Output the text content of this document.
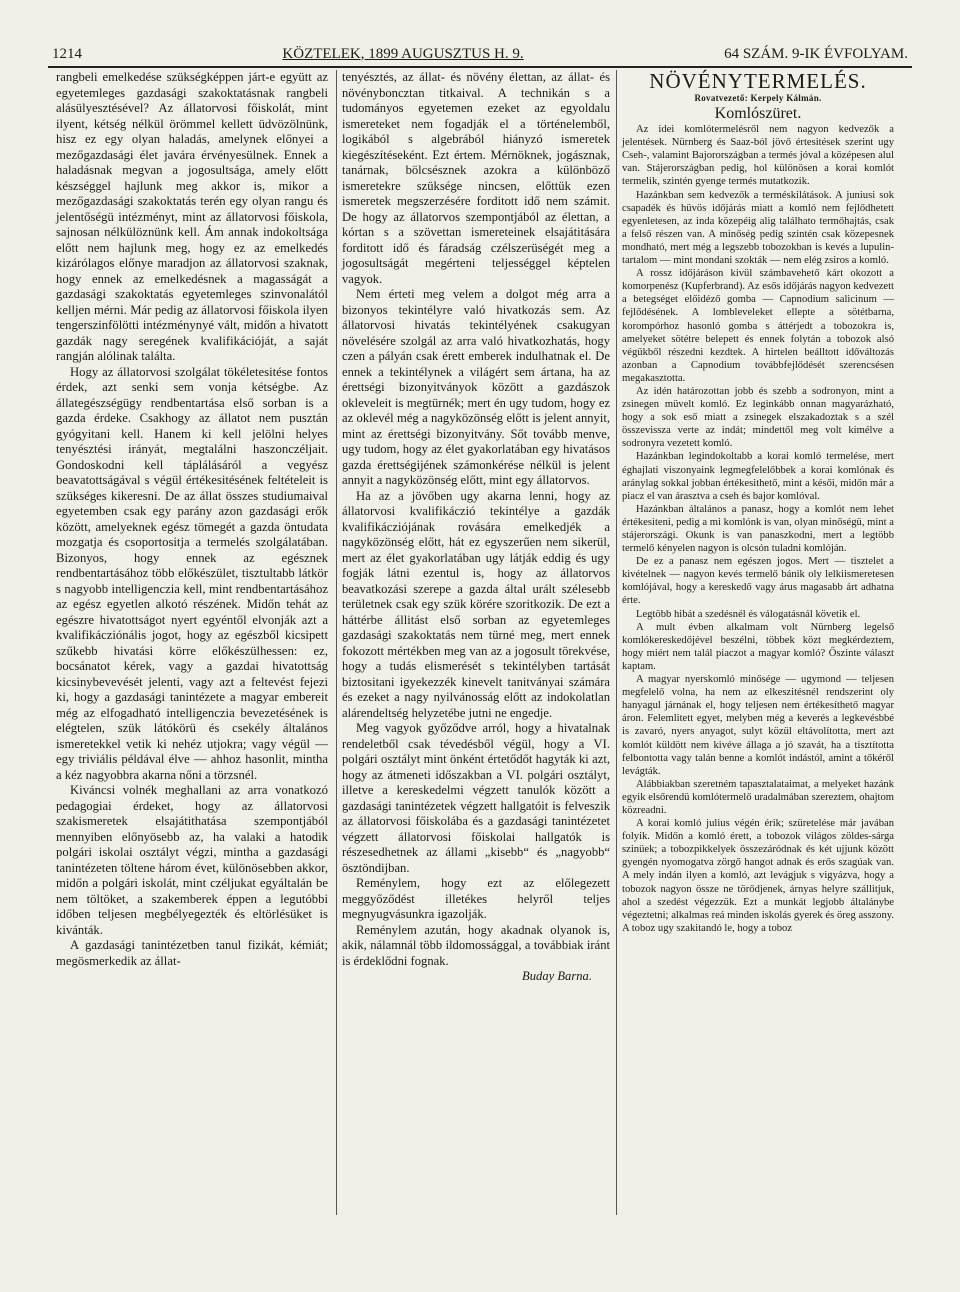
1214	KÖZTELEK, 1899 AUGUSZTUS H. 9.	64 SZÁM. 9-IK ÉVFOLYAM.

rangbeli emelkedése szükségképpen járt-e együtt az egyetemleges gazdasági szakoktatásnak rangbeli alásülyesztésével? Az állatorvosi főiskolát, mint ilyent, kétség nélkül örömmel kellett üdvözölnünk, hisz ez egy olyan haladás, amelynek előnyei a mezőgazdasági élet javára érvényesülnek. Ennek a haladásnak megvan a jogosultsága, amely előtt készséggel hajlunk meg akkor is, mikor a mezőgazdasági szakoktatás terén egy olyan rangu és jelentőségü intézményt, mint az állatorvosi főiskola, sajnosan nélkülöznünk kell. Ám annak indokoltsága előtt nem hajlunk meg, hogy ez az emelkedés kizárólagos előnye maradjon az állatorvosi szaknak, hogy ennek az emelkedésnek a magasságát a gazdasági szakoktatás egyetemleges szinvonalától kelljen mérni. Már pedig az állatorvosi főiskola ilyen tengerszinfölötti intézménynyé vált, midőn a hivatott gazdák nagy seregének kvalifikációját, a saját rangján alólinak találta.

Hogy az állatorvosi szolgálat tökéletesitése fontos érdek, azt senki sem vonja kétségbe. Az állategészségügy rendbentartása első sorban is a gazda érdeke. Csakhogy az állatot nem pusztán gyógyitani kell. Hanem ki kell jelölni helyes tenyésztési irányát, megtalálni haszonczéljait. Gondoskodni kell táplálásáról a vegyész beavatottságával s végül értékesitésének feltételeit is szükséges kikeresni. De az állat összes studiumaival egyetemben csak egy parány azon gazdasági erők között, amelyeknek egész tömegét a gazda öntudata mozgatja és csoportositja a termelés szolgálatában. Bizonyos, hogy ennek az egésznek rendbentartásához több előkészület, tisztultabb látkör s nagyobb intelligenczia kell, mint rendbentartásához az egész egyetlen alkotó részének. Midőn tehát az egészre hivatottságot nyert egyéntől elvonják azt a kvalifikácziónális jogot, hogy az egészből kicsipett szűkebb hivatási körre előkészülhessen: ez, bocsánatot kérek, vagy a gazdai hivatottság kicsinybevevését jelenti, vagy azt a feltevést fejezi ki, hogy a gazdasági tanintézete a magyar embereit még az elfogadható intelligenczia bevezetésének is elégtelen, szük látókörü és csekély általános ismeretekkel vetik ki nehéz utjokra; vagy végül — egy triviális példával élve — ahhoz hasonlit, mintha a kéz nagyobbra akarna nőni a törzsnél.

Kiváncsi volnék meghallani az arra vonatkozó pedagogiai érdeket, hogy az állatorvosi szakismeretek elsajátithatása szempontjából mennyiben előnyösebb az, ha valaki a hatodik polgári iskolai osztályt végzi, mintha a gazdasági tanintézeten töltene három évet, különösebben akkor, midőn a polgári iskolát, mint czéljukat egyáltalán be nem töltöket, a szakemberek éppen a legutóbbi időben teljesen megbélyegezték és eltörlésüket is kivánták.

A gazdasági tanintézetben tanul fizikát, kémiát; megösmerkedik az állat-

tenyésztés, az állat- és növény élettan, az állat- és növényboncztan titkaival. A technikán s a tudományos egyetemen ezeket az egyoldalu ismereteket nem fogadják el a történelemből, logikából s algebrából hiányzó ismeretek kiegészítéseként. Ezt értem. Mérnöknek, jogásznak, tanárnak, bölcsésznek azokra a különböző ismeretekre szüksége nincsen, előttük ezen ismeretek megszerzésére forditott idő nem számit. De hogy az állatorvos szempontjából az élettan, a kórtan s a szövettan ismereteinek elsajátitására forditott idő és fáradság czélszerüségét meg a jogosultságát megérteni teljességgel képtelen vagyok.

Nem érteti meg velem a dolgot még arra a bizonyos tekintélyre való hivatkozás sem. Az állatorvosi hivatás tekintélyének csakugyan növelésére szolgál az arra való hivatkozhatás, hogy czen a pályán csak érett emberek indulhatnak el. De ennek a tekintélynek a világért sem ártana, ha az érettségi bizonyitványok között a gazdászok okleveleit is megtürnék; mert én ugy tudom, hogy ez az oklevél még a nagyközönség előtt is jelent annyit, mint az érettségi bizonyitvány. Sőt tovább menve, ugy tudom, hogy az élet gyakorlatában egy hivatásos gazda érettségijének számonkérése nélkül is jelent annyit a nagyközönség előtt, mint egy állatorvos.

Ha az a jövőben ugy akarna lenni, hogy az állatorvosi kvalifikáczió tekintélye a gazdák kvalifikácziójának rovására emelkedjék a nagyközönség előtt, hát ez egyszerűen nem sikerül, mert az élet gyakorlatában ugy látják eddig és ugy fogják látni ezentul is, hogy az állatorvos beavatkozási szerepe a gazda által urált szélesebb területnek csak egy szük körére szoritkozik. De ezt a háttérbe állitást első sorban az egyetemleges gazdasági szakoktatás nem türné meg, mert ennek fokozott mértékben meg van az a jogosult törekvése, hogy a tudás elismerését s tekintélyben tartását biztositani igyekezzék kinevelt tanitványai számára és ezeket a nagy nyilvánosság előtt az indokolatlan alárendeltség helyzetébe jutni ne engedje.

Meg vagyok győződve arról, hogy a hivatalnak rendeletből csak tévedésből végül, hogy a VI. polgári osztályt mint önként értetődőt hagyták ki azt, hogy az átmeneti időszakban a VI. polgári osztályt, illetve a kereskedelmi végzett tanulók között a gazdasági tanintézetek végzett hallgatóit is felveszik az állatorvosi főiskolába és a gazdasági tanintézetet végzett állatorvosi főiskolai hallgatók is részesedhetnek az állami „kisebb“ és „nagyobb“ ösztöndijban.

Reménylem, hogy ezt az előlegezett meggyőződést illetékes helyről teljes megnyugvásunkra igazolják.

Reménylem azután, hogy akadnak olyanok is, akik, nálamnál több ildomossággal, a továbbiak iránt is érdeklődni fognak.

Buday Barna.

NÖVÉNYTERMELÉS.

Rovatvezető: Kerpely Kálmán.

Komlószüret.

Az idei komlótermelésről nem nagyon kedvezők a jelentések. Nürnberg és Saaz-ból jövő értesitések szerint ugy Cseh-, valamint Bajorországban a termés jóval a középesen alul van. Stájerországban pedig, hol különösen a korai komlót termelik, szintén gyenge termés mutatkozik.

Hazánkban sem kedvezők a terméskilátások. A juniusi sok csapadék és hüvös időjárás miatt a komló nem fejlődhetett egyenletesen, az inda közepéig alig találhato termőhajtás, csak a felső részen van. A minőség pedig szintén csak közepesnek mondható, mert még a legszebb tobozokban is kevés a lupulin-tartalom — mint mondani szokták — nem elég zsiros a komló.

A rossz időjáráson kivül számbavehető kárt okozott a komorpenész (Kupferbrand). Az esős időjárás nagyon kedvezett a betegséget előidéző gomba — Capnodium salicinum — fejlődésének. A lombleveleket ellepte a sötétbarna, korompórhoz hasonló gomba s áttérjedt a tobozokra is, amelyeket sötétre belepett és ennek folytán a tobozok alsó végükből részedni kezdtek. A hirtelen beálltott időváltozás azonban a Capnodium továbbfejlődését szerencsésen megakasztotta.

Az idén határozottan jobb és szebb a sodronyon, mint a zsinegen müvelt komló. Ez leginkább onnan magyarázható, hogy a sok eső miatt a zsinegek elszakadoztak s a szél összevissza verte az indát; mindettől meg volt kimélve a sodronyra vezetett komló.

Hazánkban legindokoltabb a korai komló termelése, mert éghajlati viszonyaink legmegfelelőbbek a korai komlónak és aránylag sokkal jobban értékesithető, mint a késői, midőn már a piacz el van árasztva a cseh és bajor komlóval.

Hazánkban általános a panasz, hogy a komlót nem lehet értékesiteni, pedig a mi komlónk is van, olyan minőségü, mint a stájerországi. Okunk is van panaszkodni, mert a legtöbb termelő kényelen nagyon is olcsón tuladni komlóján.

De ez a panasz nem egészen jogos. Mert — tisztelet a kivételnek — nagyon kevés termelő bánik oly lelkiismeretesen komlójával, hogy a kereskedő vagy árus magasabb árt adhatna érte.

Legtöbb hibát a szedésnél és válogatásnál követik el.

A mult évben alkalmam volt Nürnberg legelső komlókereskedőjével beszélni, többek közt megkérdeztem, hogy miért nem talál piaczot a magyar komló? Őszinte választ kaptam.

A magyar nyerskomló minősége — ugymond — teljesen megfelelő volna, ha nem az elkeszitésnél rendszerint oly hanyagul járnának el, hogy teljesen nem értékesíthető magyar áron. Felemlitett egyet, melyben még a keverés a legkevésbbé is zavaró, nyers anyagot, sulyt közül eltávolította, mert azt komlót küldött nem kivéve állaga a jó szavát, ha a tisztította felbontotta vagy talán benne a komlót indástól, amint a tőkéről levágták.

Alábbiakban szeretném tapasztalataimat, a melyeket hazánk egyik elsőrendü komlótermelő uradalmában szereztem, ohajtom közreadni.

A korai komló julius végén érik; szüretelése már javában folyik. Midőn a komló érett, a tobozok világos zöldes-sárga szinüek; a tobozpikkelyek összezáródnak és két ujjunk között gyengén nyomogatva zörgő hangot adnak és erős szagúak van. A mely indán ilyen a komló, azt levágjuk s vigyázva, hogy a tobozok nagyon össze ne törődjenek, árnyas helyre szállitjuk, ahol a szedést végezzük. Ezt a munkát legjobb általánybe végeztetni; alkalmas reá minden iskolás gyerek és öreg asszony. A toboz ugy szakitandó le, hogy a toboz
